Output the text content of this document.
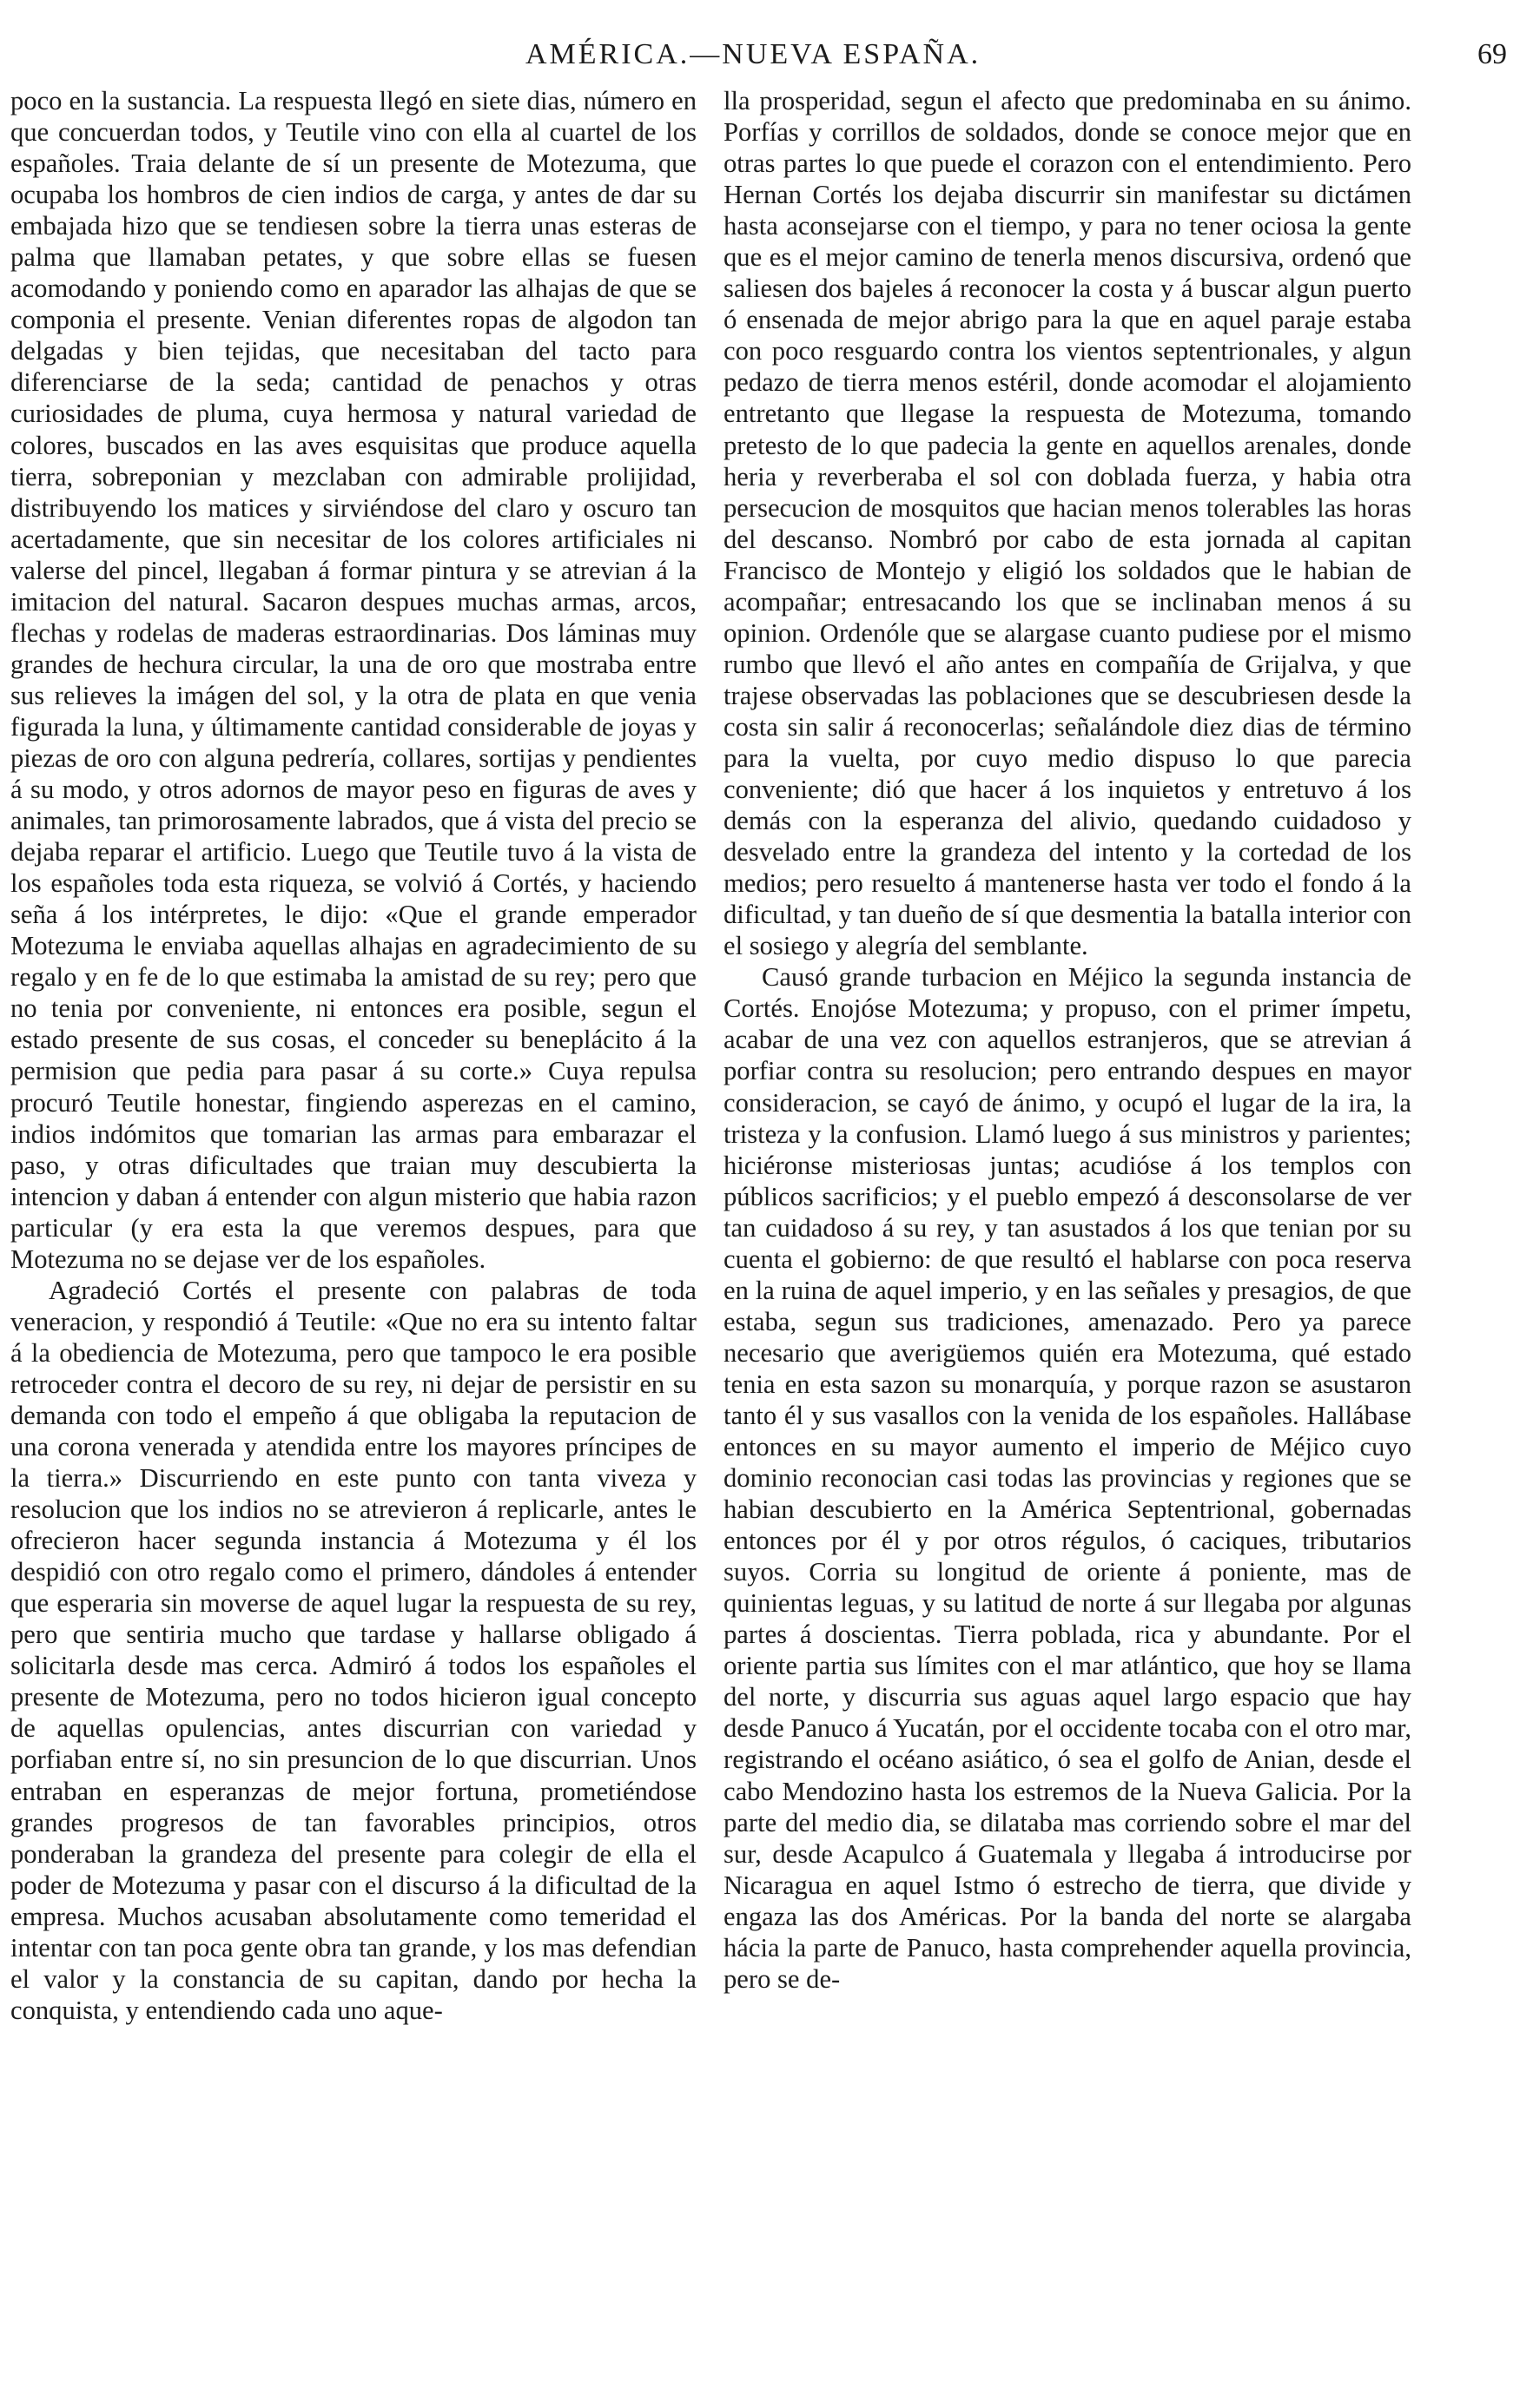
AMÉRICA.—NUEVA ESPAÑA.	69

poco en la sustancia. La respuesta llegó en siete dias, número en que concuerdan todos, y Teutile vino con ella al cuartel de los españoles. Traia delante de sí un presente de Motezuma, que ocupaba los hombros de cien indios de carga, y antes de dar su embajada hizo que se tendiesen sobre la tierra unas esteras de palma que llamaban petates, y que sobre ellas se fuesen acomodando y poniendo como en aparador las alhajas de que se componia el presente. Venian diferentes ropas de algodon tan delgadas y bien tejidas, que necesitaban del tacto para diferenciarse de la seda; cantidad de penachos y otras curiosidades de pluma, cuya hermosa y natural variedad de colores, buscados en las aves esquisitas que produce aquella tierra, sobreponian y mezclaban con admirable prolijidad, distribuyendo los matices y sirviéndose del claro y oscuro tan acertadamente, que sin necesitar de los colores artificiales ni valerse del pincel, llegaban á formar pintura y se atrevian á la imitacion del natural. Sacaron despues muchas armas, arcos, flechas y rodelas de maderas estraordinarias. Dos láminas muy grandes de hechura circular, la una de oro que mostraba entre sus relieves la imágen del sol, y la otra de plata en que venia figurada la luna, y últimamente cantidad considerable de joyas y piezas de oro con alguna pedrería, collares, sortijas y pendientes á su modo, y otros adornos de mayor peso en figuras de aves y animales, tan primorosamente labrados, que á vista del precio se dejaba reparar el artificio. Luego que Teutile tuvo á la vista de los españoles toda esta riqueza, se volvió á Cortés, y haciendo seña á los intérpretes, le dijo: «Que el grande emperador Motezuma le enviaba aquellas alhajas en agradecimiento de su regalo y en fe de lo que estimaba la amistad de su rey; pero que no tenia por conveniente, ni entonces era posible, segun el estado presente de sus cosas, el conceder su beneplácito á la permision que pedia para pasar á su corte.» Cuya repulsa procuró Teutile honestar, fingiendo asperezas en el camino, indios indómitos que tomarian las armas para embarazar el paso, y otras dificultades que traian muy descubierta la intencion y daban á entender con algun misterio que habia razon particular (y era esta la que veremos despues, para que Motezuma no se dejase ver de los españoles.

Agradeció Cortés el presente con palabras de toda veneracion, y respondió á Teutile: «Que no era su intento faltar á la obediencia de Motezuma, pero que tampoco le era posible retroceder contra el decoro de su rey, ni dejar de persistir en su demanda con todo el empeño á que obligaba la reputacion de una corona venerada y atendida entre los mayores príncipes de la tierra.» Discurriendo en este punto con tanta viveza y resolucion que los indios no se atrevieron á replicarle, antes le ofrecieron hacer segunda instancia á Motezuma y él los despidió con otro regalo como el primero, dándoles á entender que esperaria sin moverse de aquel lugar la respuesta de su rey, pero que sentiria mucho que tardase y hallarse obligado á solicitarla desde mas cerca. Admiró á todos los españoles el presente de Motezuma, pero no todos hicieron igual concepto de aquellas opulencias, antes discurrian con variedad y porfiaban entre sí, no sin presuncion de lo que discurrian. Unos entraban en esperanzas de mejor fortuna, prometiéndose grandes progresos de tan favorables principios, otros ponderaban la grandeza del presente para colegir de ella el poder de Motezuma y pasar con el discurso á la dificultad de la empresa. Muchos acusaban absolutamente como temeridad el intentar con tan poca gente obra tan grande, y los mas defendian el valor y la constancia de su capitan, dando por hecha la conquista, y entendiendo cada uno aque-

lla prosperidad, segun el afecto que predominaba en su ánimo. Porfías y corrillos de soldados, donde se conoce mejor que en otras partes lo que puede el corazon con el entendimiento. Pero Hernan Cortés los dejaba discurrir sin manifestar su dictámen hasta aconsejarse con el tiempo, y para no tener ociosa la gente que es el mejor camino de tenerla menos discursiva, ordenó que saliesen dos bajeles á reconocer la costa y á buscar algun puerto ó ensenada de mejor abrigo para la que en aquel paraje estaba con poco resguardo contra los vientos septentrionales, y algun pedazo de tierra menos estéril, donde acomodar el alojamiento entretanto que llegase la respuesta de Motezuma, tomando pretesto de lo que padecia la gente en aquellos arenales, donde heria y reverberaba el sol con doblada fuerza, y habia otra persecucion de mosquitos que hacian menos tolerables las horas del descanso. Nombró por cabo de esta jornada al capitan Francisco de Montejo y eligió los soldados que le habian de acompañar; entresacando los que se inclinaban menos á su opinion. Ordenóle que se alargase cuanto pudiese por el mismo rumbo que llevó el año antes en compañía de Grijalva, y que trajese observadas las poblaciones que se descubriesen desde la costa sin salir á reconocerlas; señalándole diez dias de término para la vuelta, por cuyo medio dispuso lo que parecia conveniente; dió que hacer á los inquietos y entretuvo á los demás con la esperanza del alivio, quedando cuidadoso y desvelado entre la grandeza del intento y la cortedad de los medios; pero resuelto á mantenerse hasta ver todo el fondo á la dificultad, y tan dueño de sí que desmentia la batalla interior con el sosiego y alegría del semblante.

Causó grande turbacion en Méjico la segunda instancia de Cortés. Enojóse Motezuma; y propuso, con el primer ímpetu, acabar de una vez con aquellos estranjeros, que se atrevian á porfiar contra su resolucion; pero entrando despues en mayor consideracion, se cayó de ánimo, y ocupó el lugar de la ira, la tristeza y la confusion. Llamó luego á sus ministros y parientes; hiciéronse misteriosas juntas; acudióse á los templos con públicos sacrificios; y el pueblo empezó á desconsolarse de ver tan cuidadoso á su rey, y tan asustados á los que tenian por su cuenta el gobierno: de que resultó el hablarse con poca reserva en la ruina de aquel imperio, y en las señales y presagios, de que estaba, segun sus tradiciones, amenazado. Pero ya parece necesario que averigüemos quién era Motezuma, qué estado tenia en esta sazon su monarquía, y porque razon se asustaron tanto él y sus vasallos con la venida de los españoles. Hallábase entonces en su mayor aumento el imperio de Méjico cuyo dominio reconocian casi todas las provincias y regiones que se habian descubierto en la América Septentrional, gobernadas entonces por él y por otros régulos, ó caciques, tributarios suyos. Corria su longitud de oriente á poniente, mas de quinientas leguas, y su latitud de norte á sur llegaba por algunas partes á doscientas. Tierra poblada, rica y abundante. Por el oriente partia sus límites con el mar atlántico, que hoy se llama del norte, y discurria sus aguas aquel largo espacio que hay desde Panuco á Yucatán, por el occidente tocaba con el otro mar, registrando el océano asiático, ó sea el golfo de Anian, desde el cabo Mendozino hasta los estremos de la Nueva Galicia. Por la parte del medio dia, se dilataba mas corriendo sobre el mar del sur, desde Acapulco á Guatemala y llegaba á introducirse por Nicaragua en aquel Istmo ó estrecho de tierra, que divide y engaza las dos Américas. Por la banda del norte se alargaba hácia la parte de Panuco, hasta comprehender aquella provincia, pero se de-
